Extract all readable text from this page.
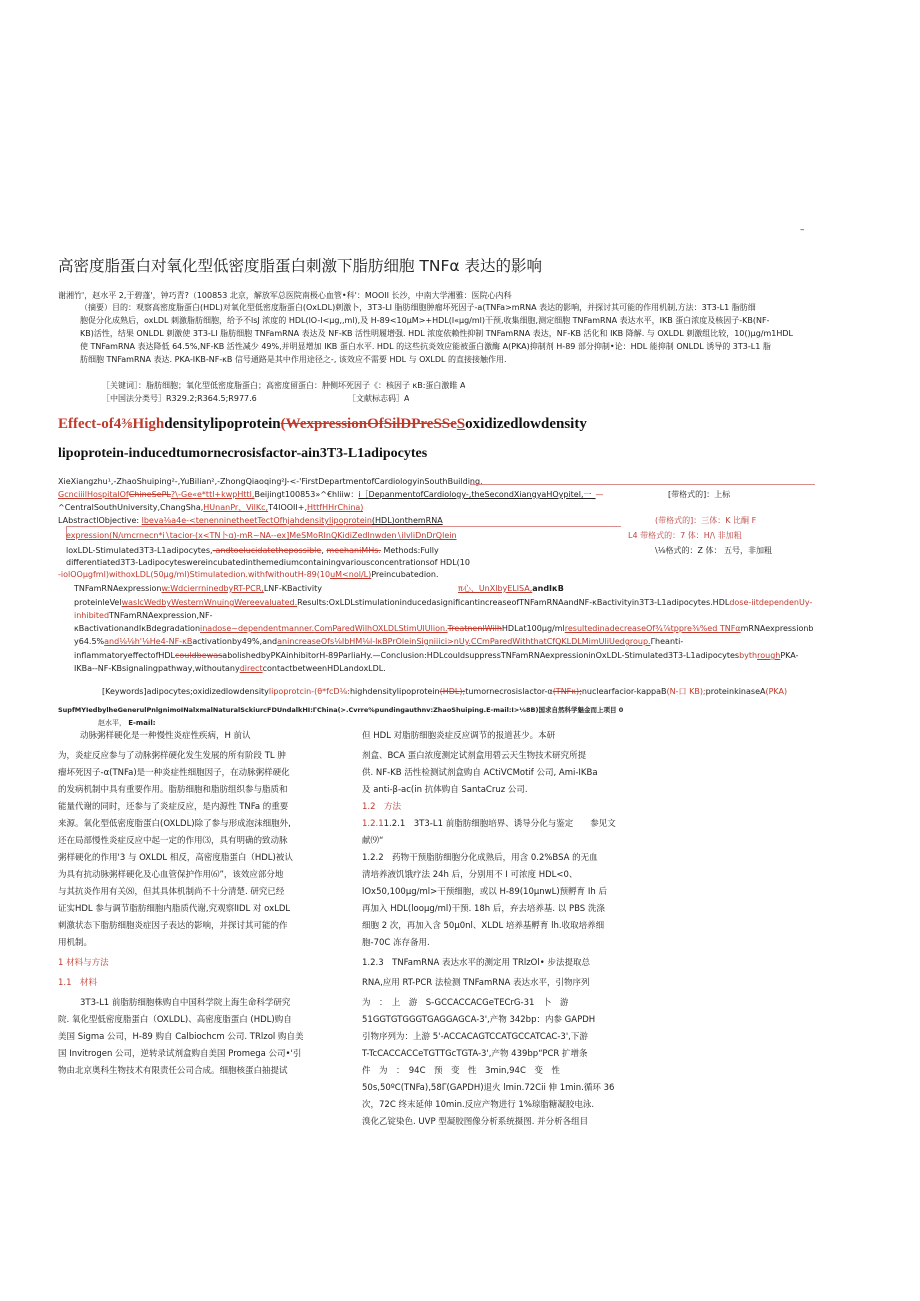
–
高密度脂蛋白对氧化型低密度脂蛋白刺激下脂肪细胞 TNFα 表达的影响
谢湘竹'，赵水平 2,于碧蓬'，钟巧青?（100853 北京，解放军总医院南极心血管•科'：MOOII 长沙，中南大学湘雅：医院心内科
（摘要）目的：观察高密度脂蛋白(HDL)对氧化型低密度脂蛋白(OxLDL)刺激卜，3T3-LI 脂肪细胞肿瘤坏死因子-a(TNFa>mRNA 表达的影响，并探讨其可能的作用机制,方法：3T3-L1 脂肪细
胞促分化成熟后，oxLDL 刺激脂肪细胞，给予不lsJ 浓度的 HDL(lO-I<μg,,ml),及 H-89<10μM>+HDL(l«μg∕ml)干预,收集细胞,测定细胞 TNFamRNA 表达水平，IKB 蛋白浓度及核因子-KB(NF-
KB)活性，结果 ONLDL 刺激使 3T3-LI 脂肪细胞 TNFamRNA 表达及 NF-KB 活性明履增强. HDL 浓度依赖性抑制 TNFamRNA 表达，NF-KB 活化和 IKB 降解. 与 OXLDL 刺激组比较，10()μg∕m1HDL
使 TNFamRNA 表达降低 64.5%,NF-KB 活性减少 49%,并明显增加 IKB 蛋白水平. HDL 的这些抗炎效应能被蛋白激酶 A(PKA)抑制剂 H-89 部分抑制•论：HDL 能抑制 ONLDL 诱导的 3T3-L1 脂
肪细胞 TNFamRNA 表达. PKA-IKB-NF-κB 信号通路是其中作用途径之-, 该效应不需要 HDL 与 OXLDL 的直接接触作用.
［关键词］：脂肪细胞；氧化型低密度脂蛋白；高密度留蛋白：肿侧坏死因子《：核因子 κB:蛋白激睢 A
［中国法分类号］R329.2;R364.5;R977.6	［文献标志码］A
Effect-of4⅜Highdensitylipoprotein(WexpressionOfSilDPreSSeSoxidizedlowdensity
lipoprotein-inducedtumornecrosisfactor-ain3T3-L1adipocytes
XieXiangzhu¹,-ZhaoShuiping²-,YuBilian²,-ZhongQiaoqing²J-<-'FirstDepartmentofCardiologyinSouthBuilding,
GcnciiilHospitalOfChineSePL?\-Ge«e*ttl+kwpHttl,Beijingt100853»^€hliiw：i［DepanmentofCardiology-,theSecondXiangyaHOypitel,一_—	[带格式的]：上标
^CentralSouthUniversity,ChangSha,HUnanPr、VilKc,T4IOOII+,HttfHHrChina)
LAbstractlObjective: lbeva⅛a4e-<tenenninetheetTectOfhjahdensitylipoprotein(HDL)onthemRNA	(带格式的]：三体：K 比酮 F
expression(N∕ιmcrnecn*i∖tacior-(x<TN卜ɑ)-mR~NA--ex]MeSMoRInQKidiZedlnwden∖ilvliDnDrQlein	L4 带格式的：7 体：H∕\ 非加粗
loxLDL-Stimulated3T3-L1adipocytes,-andtoelucidatethepossible, meehaniMHs. Methods:Fully	\⅛格式的：Z 体： 五号，非加粗
differentiated3T3-Ladipocyteswereincubatedinthemediumcontainingvariousconcentrationsof HDL(10
-iolOOμgfml)withoxLDL(50μg∕ml)Stimulatedion.withfwithoutH-89(10uM<nol/L)Preincubatedion.
TNFamRNAexpressionw:WdcierrninedbyRT-PCR,LNF-KBactivity	π心、UnXlbyELlSA,andIκB
proteinleVelwaslcWedbyWesternWnuingWereevaluated.Results:OxLDLstimulationinducedasignificantincreaseofTNFamRNAandNF-κBactivityin3T3-L1adipocytes.HDLdose-iitdependenUy-
inhibitedTNFamRNAexpression,NF-
κBactivationandIκBdegradationinadose~dependentmanner.ComParedWilhOXLDLStimUlUlion.TreatnenlWilhHDLat100μg∕mlresultedinadecreaseOf¾⅞tppre⅜%ed TNFαmRNAexpressionb
y64.5%and⅛⅛h'⅛He4-NF-κBactivationby49%,andanincreaseOfs⅛IbHM⅛l-IκBPrOleinSigniiici>nUy.CCmParedWiththatCfQKLDLMimUliUedgroup.Γheanti-
inflammatoryeffectofHDLcouldbewasabolishedbyPKAinhibitorH-89ParliaHy.—Conclusion:HDLcouldsuppressTNFamRNAexpressioninOxLDL-Stimulated3T3-L1adipocytesbythroughPKA-
IKBa--NF-KBsignalingpathway,withoutanydirectcontactbetweenHDLandoxLDL.
[Keywords]adipocytes;oxidizedlowdensitylipoprotcin-(θ*fcD⅛:highdensitylipoprotein(HDL);tumornecrosislactor-α(TNFκ);nuclearfacior-kappaB(N-口 KB);proteinkinaseA(PKA)
SupfMYIedbylheGenerulPnlgnimoINalxmalNaturalSckiurcFDUndalkHI:ΓChina(>.Cvrre%pundingauthnv:ZhaoShuiping.E-mail:I>⅛8B)国求自然科学魅金而上项目 0
赵水平， E-mail:
动脉粥样硬化是一种慢性炎症性疾病，H 前认
为，炎症反应参与了动脉粥样硬化发生发展的所有阶段 TL 肿
瘤坏死因子-α(TNFa)是一种炎症性细胞因子，在动脉粥样硬化
的发病机制中具有重要作用。脂肪细胞和脂肪组织参与脂质和
能量代谢的同时，还参与了炎症反应，是内源性 TNFa 的重要
来源。氧化型低密度脂蛋白(OXLDL)除了参与形成泡沫细胞外,
还在局部慢性炎症反应中起一定的作用⑶，具有明确的致动脉
粥样硬化的作用'3 与 OXLDL 相反，高密度脂蛋白（HDL)被认
为具有抗动脉粥样硬化及心血管保护作用⑹”，该效应部分地
与其抗炎作用有关⑻，但其具体机制尚不十分清楚. 研究已经
证实HDL 参与调节脂肪细胞内脂质代谢,究观察lIDL 对 oxLDL
刺激状态下脂肪细胞炎症因子表达的影响，并探讨其可能的作
用机制。
1 材料与方法
1.1　材料
3T3-L1 前脂肪细胞株购自中国科学院上海生命科学研究
院. 氧化型低密度脂蛋白（OXLDL)、高密度脂蛋白 (HDL)购自
美国 Sigma 公司，H-89 购自 Calbiochcm 公司. TRlzol 购自美
国 Invitrogen 公司，逆转录试剂盒购自美国 Promega 公司•'引
物由北京奥科生物技术有限责任公司合成。细胞核蛋白抽提试
但 HDL 对脂肪细胞炎症反应调节的报道甚少。本研
剂盒、BCA 蛋白浓度测定试剂盒用碧云天生物技术研究所提
供. NF-KB 活性检测试剂盒购自 ACtiVCMotif 公司, Ami-IKBa
及 anti-β-ac(in 抗体购自 SantaCruz 公司.
1.2　方法
1.2.11.2.1　3T3-L1 前脂肪细胞培界、诱导分化与鉴定　　参见文
献⑼“
1.2.2　药物干预脂肪细胞分化成熟后，用含 0.2%BSA 的无血
清培养液饥饿疗法 24h 后，分别用不 I 可浓度 HDL<0、
lOx50,100μg∕ml>干预细胞，或以 H-89(10μnwL)预孵育 Ih 后
再加入 HDL(looμg∕ml)干预. 18h 后，弃去培养基. 以 PBS 洗涤
细胞 2 次，再加入含 50μ0nl、XLDL 培养基孵育 lh.收取培养细
胞-70C 冻存备用.
1.2.3　TNFamRNA 表达水平的测定用 TRlzOl• 步法提取总
RNA,应用 RT-PCR 法检测 TNFamRNA 表达水平，引物序列
为　：　上　游　S-GCCACCACGeTECrG-31　卜　游
51GGTGTGGGTGAGGAGCA-3',产物 342bp：内参 GAPDH
引物序列为：上游 5'-ACCACAGTCCATGCCATCAC-3',下游
T-TcCACCACCeTGTTGcTGTA-3',产物 439bp“PCR 扩增条
件　为　：　94C　预　变　性　3min,94C　变　性
50s,50ºC(TNFa),58Γ(GAPDH)退火 lmin.72Cii 伸 1min.循环 36
次，72C 终末延伸 10min.反应产物进行 1%琼脂糖凝胶电泳.
溴化乙锭染色. UVP 型凝胶图像分析系统摄图. 并分析各组目
